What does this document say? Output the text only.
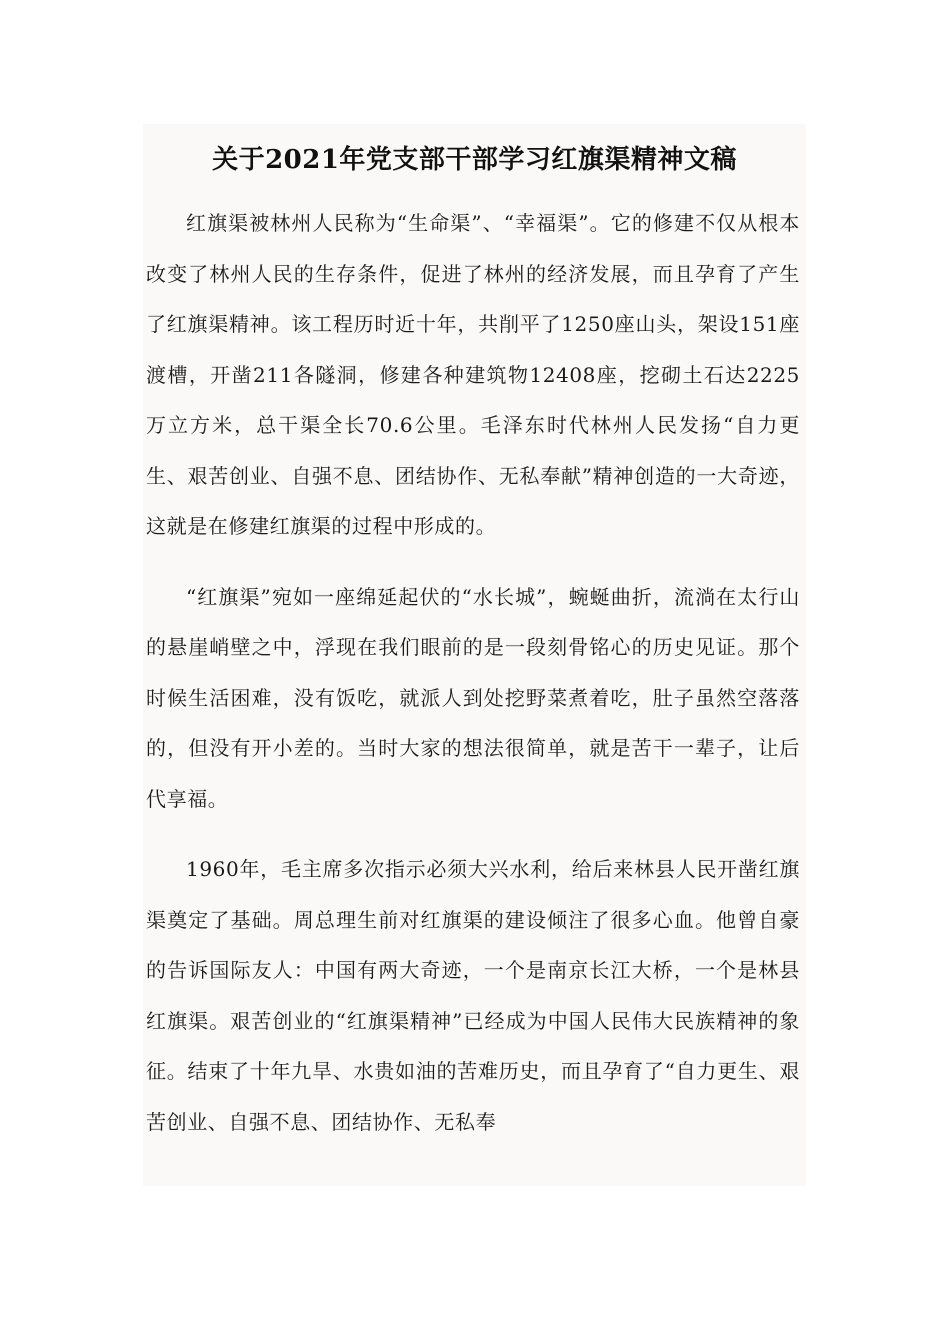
关于2021年党支部干部学习红旗渠精神文稿

红旗渠被林州人民称为“生命渠”、“幸福渠”。它的修建不仅从根本改变了林州人民的生存条件，促进了林州的经济发展，而且孕育了产生了红旗渠精神。该工程历时近十年，共削平了1250座山头，架设151座渡槽，开凿211各隧洞，修建各种建筑物12408座，挖砌土石达2225万立方米，总干渠全长70.6公里。毛泽东时代林州人民发扬“自力更生、艰苦创业、自强不息、团结协作、无私奉献”精神创造的一大奇迹，这就是在修建红旗渠的过程中形成的。

“红旗渠”宛如一座绵延起伏的“水长城”，蜿蜒曲折，流淌在太行山的悬崖峭壁之中，浮现在我们眼前的是一段刻骨铭心的历史见证。那个时候生活困难，没有饭吃，就派人到处挖野菜煮着吃，肚子虽然空落落的，但没有开小差的。当时大家的想法很简单，就是苦干一辈子，让后代享福。

1960年，毛主席多次指示必须大兴水利，给后来林县人民开凿红旗渠奠定了基础。周总理生前对红旗渠的建设倾注了很多心血。他曾自豪的告诉国际友人：中国有两大奇迹，一个是南京长江大桥，一个是林县红旗渠。艰苦创业的“红旗渠精神”已经成为中国人民伟大民族精神的象征。结束了十年九旱、水贵如油的苦难历史，而且孕育了“自力更生、艰苦创业、自强不息、团结协作、无私奉
